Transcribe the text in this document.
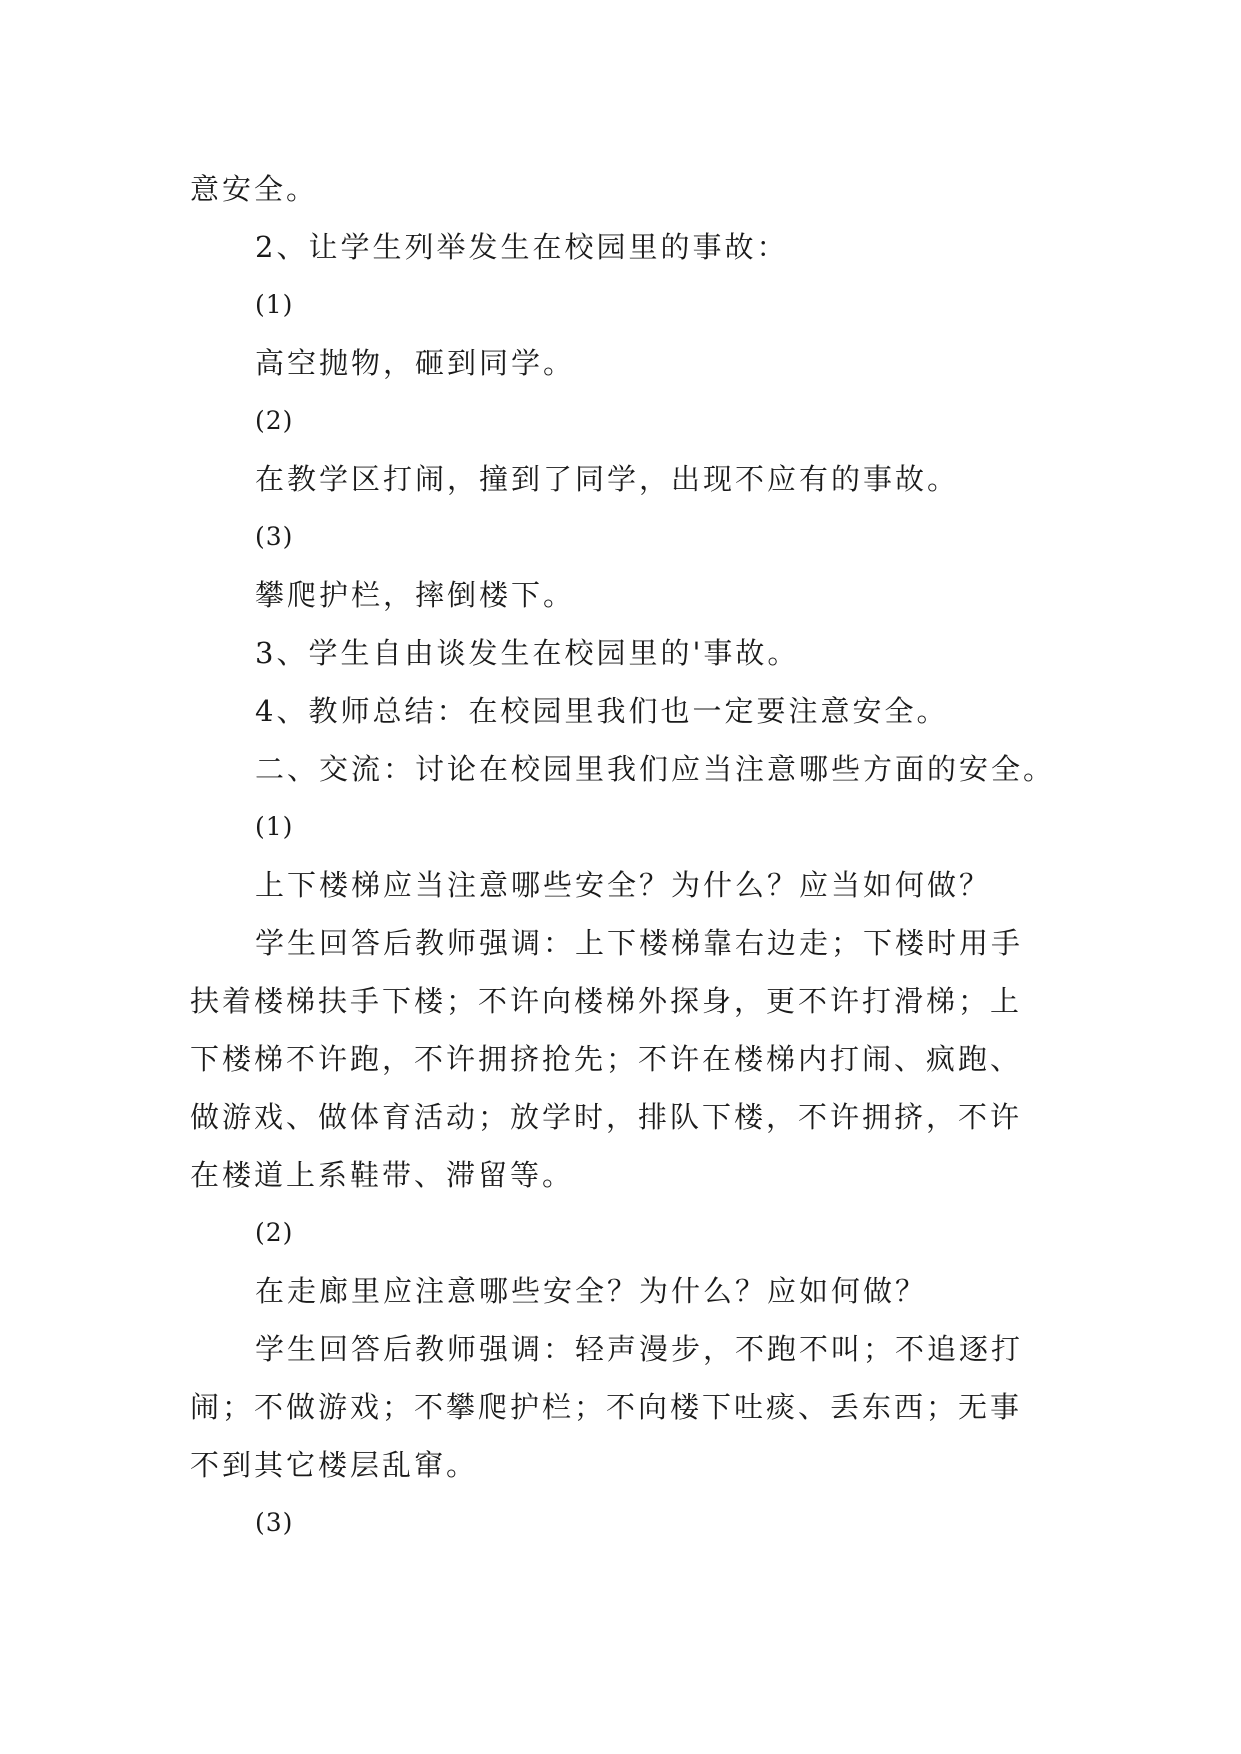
意安全。
2、让学生列举发生在校园里的事故：
(1)
高空抛物，砸到同学。
(2)
在教学区打闹，撞到了同学，出现不应有的事故。
(3)
攀爬护栏，摔倒楼下。
3、学生自由谈发生在校园里的'事故。
4、教师总结：在校园里我们也一定要注意安全。
二、交流：讨论在校园里我们应当注意哪些方面的安全。
(1)
上下楼梯应当注意哪些安全？为什么？应当如何做？
学生回答后教师强调：上下楼梯靠右边走；下楼时用手
扶着楼梯扶手下楼；不许向楼梯外探身，更不许打滑梯；上
下楼梯不许跑，不许拥挤抢先；不许在楼梯内打闹、疯跑、
做游戏、做体育活动；放学时，排队下楼，不许拥挤，不许
在楼道上系鞋带、滞留等。
(2)
在走廊里应注意哪些安全？为什么？应如何做？
学生回答后教师强调：轻声漫步，不跑不叫；不追逐打
闹；不做游戏；不攀爬护栏；不向楼下吐痰、丢东西；无事
不到其它楼层乱窜。
(3)
